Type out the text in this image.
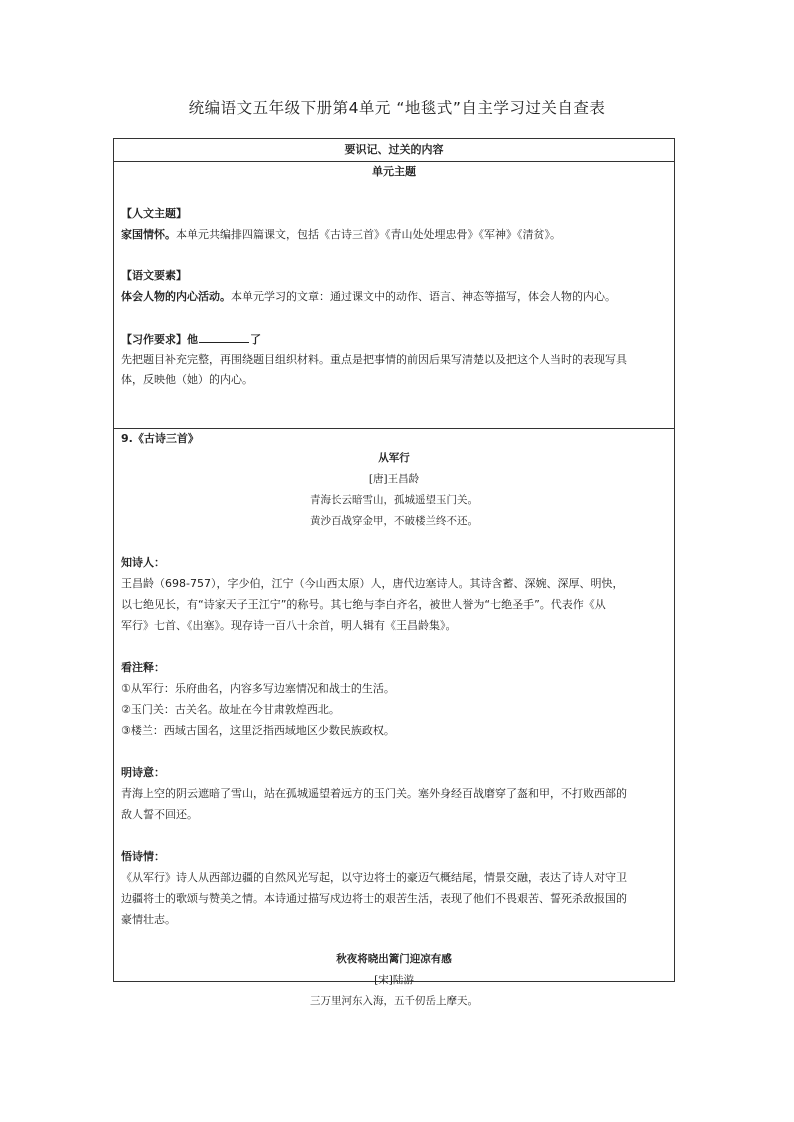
统编语文五年级下册第4单元 “地毯式”自主学习过关自查表
要识记、过关的内容
单元主题
【人文主题】
家国情怀。本单元共编排四篇课文，包括《古诗三首》《青山处处埋忠骨》《军神》《清贫》。
【语文要素】
体会人物的内心活动。本单元学习的文章：通过课文中的动作、语言、神态等描写，体会人物的内心。
【习作要求】他	了
先把题目补充完整，再围绕题目组织材料。重点是把事情的前因后果写清楚以及把这个人当时的表现写具
体，反映他（她）的内心。
9.《古诗三首》
从军行
[唐]王昌龄
青海长云暗雪山，孤城遥望玉门关。
黄沙百战穿金甲，不破楼兰终不还。
知诗人：
王昌龄（698-757），字少伯，江宁（今山西太原）人，唐代边塞诗人。其诗含蓄、深婉、深厚、明快，
以七绝见长，有“诗家天子王江宁”的称号。其七绝与李白齐名，被世人誉为“七绝圣手”。代表作《从
军行》七首、《出塞》。现存诗一百八十余首，明人辑有《王昌龄集》。
看注释：
①从军行：乐府曲名，内容多写边塞情况和战士的生活。
②玉门关：古关名。故址在今甘肃敦煌西北。
③楼兰：西域古国名，这里泛指西域地区少数民族政权。
明诗意：
青海上空的阴云遮暗了雪山，站在孤城遥望着远方的玉门关。塞外身经百战磨穿了盔和甲，不打败西部的
敌人誓不回还。
悟诗情：
《从军行》诗人从西部边疆的自然风光写起，以守边将士的豪迈气概结尾，情景交融，表达了诗人对守卫
边疆将士的歌颂与赞美之情。本诗通过描写戍边将士的艰苦生活，表现了他们不畏艰苦、誓死杀敌报国的
豪情壮志。
秋夜将晓出篱门迎凉有感
[宋]陆游
三万里河东入海，五千仞岳上摩天。
